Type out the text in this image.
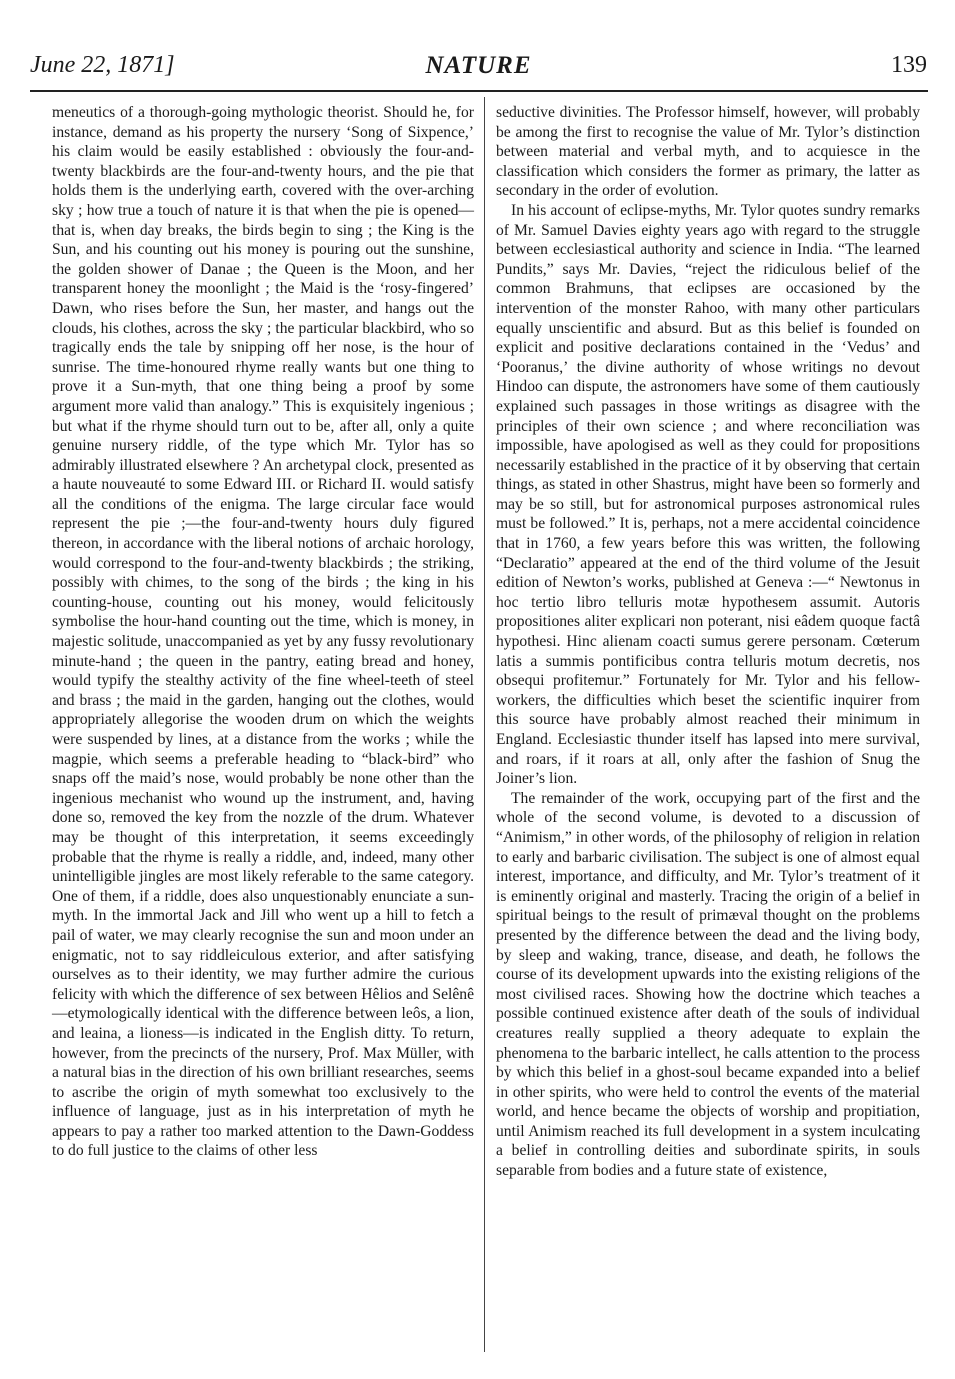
June 22, 1871]	NATURE	139

meneutics of a thorough-going mythologic theorist. Should he, for instance, demand as his property the nursery ‘Song of Sixpence,’ his claim would be easily established : obviously the four-and-twenty blackbirds are the four-and-twenty hours, and the pie that holds them is the underlying earth, covered with the over-arching sky ; how true a touch of nature it is that when the pie is opened—that is, when day breaks, the birds begin to sing ; the King is the Sun, and his counting out his money is pouring out the sunshine, the golden shower of Danae ; the Queen is the Moon, and her transparent honey the moonlight ; the Maid is the ‘rosy-fingered’ Dawn, who rises before the Sun, her master, and hangs out the clouds, his clothes, across the sky ; the particular blackbird, who so tragically ends the tale by snipping off her nose, is the hour of sunrise. The time-honoured rhyme really wants but one thing to prove it a Sun-myth, that one thing being a proof by some argument more valid than analogy.” This is exquisitely ingenious ; but what if the rhyme should turn out to be, after all, only a quite genuine nursery riddle, of the type which Mr. Tylor has so admirably illustrated elsewhere ? An archetypal clock, presented as a haute nouveauté to some Edward III. or Richard II. would satisfy all the conditions of the enigma. The large circular face would represent the pie ;—the four-and-twenty hours duly figured thereon, in accordance with the liberal notions of archaic horology, would correspond to the four-and-twenty blackbirds ; the striking, possibly with chimes, to the song of the birds ; the king in his counting-house, counting out his money, would felicitously symbolise the hour-hand counting out the time, which is money, in majestic solitude, unaccompanied as yet by any fussy revolutionary minute-hand ; the queen in the pantry, eating bread and honey, would typify the stealthy activity of the fine wheel-teeth of steel and brass ; the maid in the garden, hanging out the clothes, would appropriately allegorise the wooden drum on which the weights were suspended by lines, at a distance from the works ; while the magpie, which seems a preferable heading to “black-bird” who snaps off the maid’s nose, would probably be none other than the ingenious mechanist who wound up the instrument, and, having done so, removed the key from the nozzle of the drum. Whatever may be thought of this interpretation, it seems exceedingly probable that the rhyme is really a riddle, and, indeed, many other unintelligible jingles are most likely referable to the same category. One of them, if a riddle, does also unquestionably enunciate a sun-myth. In the immortal Jack and Jill who went up a hill to fetch a pail of water, we may clearly recognise the sun and moon under an enigmatic, not to say riddleiculous exterior, and after satisfying ourselves as to their identity, we may further admire the curious felicity with which the difference of sex between Hêlios and Selênê—etymologically identical with the difference between leôs, a lion, and leaina, a lioness—is indicated in the English ditty. To return, however, from the precincts of the nursery, Prof. Max Müller, with a natural bias in the direction of his own brilliant researches, seems to ascribe the origin of myth somewhat too exclusively to the influence of language, just as in his interpretation of myth he appears to pay a rather too marked attention to the Dawn-Goddess to do full justice to the claims of other less

seductive divinities. The Professor himself, however, will probably be among the first to recognise the value of Mr. Tylor’s distinction between material and verbal myth, and to acquiesce in the classification which considers the former as primary, the latter as secondary in the order of evolution.

In his account of eclipse-myths, Mr. Tylor quotes sundry remarks of Mr. Samuel Davies eighty years ago with regard to the struggle between ecclesiastical authority and science in India. “The learned Pundits,” says Mr. Davies, “reject the ridiculous belief of the common Brahmuns, that eclipses are occasioned by the intervention of the monster Rahoo, with many other particulars equally unscientific and absurd. But as this belief is founded on explicit and positive declarations contained in the ‘Vedus’ and ‘Pooranus,’ the divine authority of whose writings no devout Hindoo can dispute, the astronomers have some of them cautiously explained such passages in those writings as disagree with the principles of their own science ; and where reconciliation was impossible, have apologised as well as they could for propositions necessarily established in the practice of it by observing that certain things, as stated in other Shastrus, might have been so formerly and may be so still, but for astronomical purposes astronomical rules must be followed.” It is, perhaps, not a mere accidental coincidence that in 1760, a few years before this was written, the following “Declaratio” appeared at the end of the third volume of the Jesuit edition of Newton’s works, published at Geneva :—“ Newtonus in hoc tertio libro telluris motæ hypothesem assumit. Autoris propositiones aliter explicari non poterant, nisi eâdem quoque factâ hypothesi. Hinc alienam coacti sumus gerere personam. Cœterum latis a summis pontificibus contra telluris motum decretis, nos obsequi profitemur.” Fortunately for Mr. Tylor and his fellow-workers, the difficulties which beset the scientific inquirer from this source have probably almost reached their minimum in England. Ecclesiastic thunder itself has lapsed into mere survival, and roars, if it roars at all, only after the fashion of Snug the Joiner’s lion.

The remainder of the work, occupying part of the first and the whole of the second volume, is devoted to a discussion of “Animism,” in other words, of the philosophy of religion in relation to early and barbaric civilisation. The subject is one of almost equal interest, importance, and difficulty, and Mr. Tylor’s treatment of it is eminently original and masterly. Tracing the origin of a belief in spiritual beings to the result of primæval thought on the problems presented by the difference between the dead and the living body, by sleep and waking, trance, disease, and death, he follows the course of its development upwards into the existing religions of the most civilised races. Showing how the doctrine which teaches a possible continued existence after death of the souls of individual creatures really supplied a theory adequate to explain the phenomena to the barbaric intellect, he calls attention to the process by which this belief in a ghost-soul became expanded into a belief in other spirits, who were held to control the events of the material world, and hence became the objects of worship and propitiation, until Animism reached its full development in a system inculcating a belief in controlling deities and subordinate spirits, in souls separable from bodies and a future state of existence,
